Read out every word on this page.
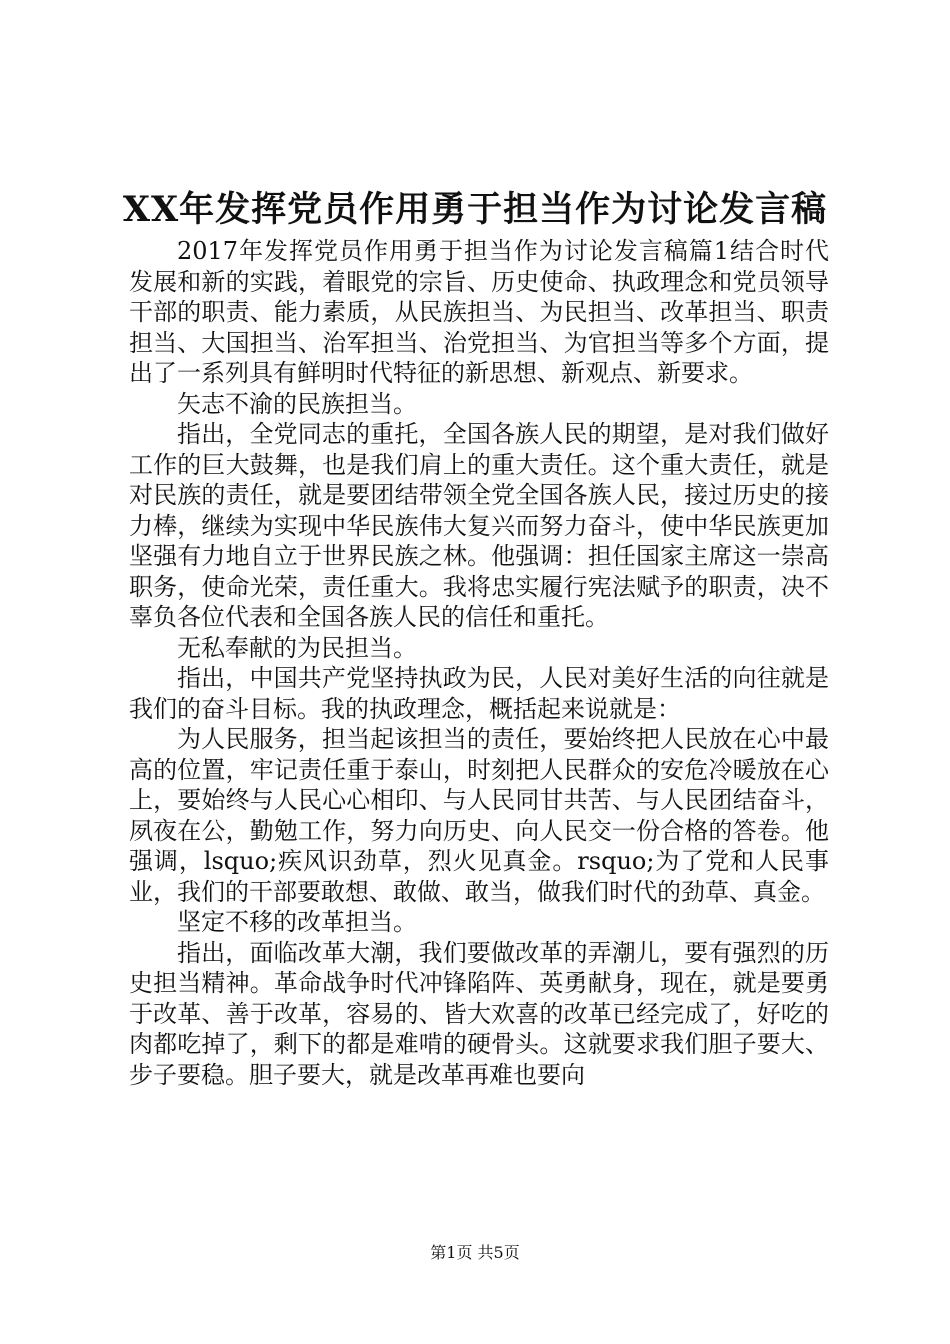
XX年发挥党员作用勇于担当作为讨论发言稿

2017年发挥党员作用勇于担当作为讨论发言稿篇1结合时代发展和新的实践，着眼党的宗旨、历史使命、执政理念和党员领导干部的职责、能力素质，从民族担当、为民担当、改革担当、职责担当、大国担当、治军担当、治党担当、为官担当等多个方面，提出了一系列具有鲜明时代特征的新思想、新观点、新要求。

矢志不渝的民族担当。

指出，全党同志的重托，全国各族人民的期望，是对我们做好工作的巨大鼓舞，也是我们肩上的重大责任。这个重大责任，就是对民族的责任，就是要团结带领全党全国各族人民，接过历史的接力棒，继续为实现中华民族伟大复兴而努力奋斗，使中华民族更加坚强有力地自立于世界民族之林。他强调：担任国家主席这一崇高职务，使命光荣，责任重大。我将忠实履行宪法赋予的职责，决不辜负各位代表和全国各族人民的信任和重托。

无私奉献的为民担当。

指出，中国共产党坚持执政为民，人民对美好生活的向往就是我们的奋斗目标。我的执政理念，概括起来说就是：

为人民服务，担当起该担当的责任，要始终把人民放在心中最高的位置，牢记责任重于泰山，时刻把人民群众的安危冷暖放在心上，要始终与人民心心相印、与人民同甘共苦、与人民团结奋斗，夙夜在公，勤勉工作，努力向历史、向人民交一份合格的答卷。他强调，lsquo;疾风识劲草，烈火见真金。rsquo;为了党和人民事业，我们的干部要敢想、敢做、敢当，做我们时代的劲草、真金。

坚定不移的改革担当。

指出，面临改革大潮，我们要做改革的弄潮儿，要有强烈的历史担当精神。革命战争时代冲锋陷阵、英勇献身，现在，就是要勇于改革、善于改革，容易的、皆大欢喜的改革已经完成了，好吃的肉都吃掉了，剩下的都是难啃的硬骨头。这就要求我们胆子要大、步子要稳。胆子要大，就是改革再难也要向

第1页 共5页
